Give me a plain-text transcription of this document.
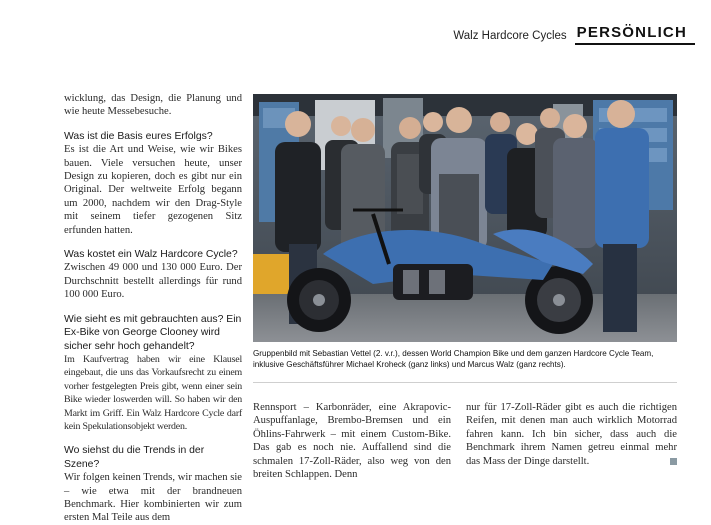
Walz Hardcore Cycles PERSÖNLICH

wicklung, das Design, die Planung und wie heute Messebesuche.

Was ist die Basis eures Erfolgs?

Es ist die Art und Weise, wie wir Bikes bauen. Viele versuchen heute, unser Design zu kopieren, doch es gibt nur ein Original. Der weltweite Erfolg begann um 2000, nachdem wir den Drag-Style mit seinem tiefer gezogenen Sitz erfunden hatten.

Was kostet ein Walz Hardcore Cycle?

Zwischen 49 000 und 130 000 Euro. Der Durchschnitt bestellt allerdings für rund 100 000 Euro.

Wie sieht es mit gebrauchten aus? Ein Ex-Bike von George Clooney wird sicher sehr hoch gehandelt?

Im Kaufvertrag haben wir eine Klausel eingebaut, die uns das Vorkaufsrecht zu einem vorher festgelegten Preis gibt, wenn einer sein Bike wieder loswerden will. So haben wir den Markt im Griff. Ein Walz Hardcore Cycle darf kein Spekulationsobjekt werden.

Wo siehst du die Trends in der Szene?

Wir folgen keinen Trends, wir machen sie – wie etwa mit der brandneuen Benchmark. Hier kombinierten wir zum ersten Mal Teile aus dem

Gruppenbild mit Sebastian Vettel (2. v.r.), dessen World Champion Bike und dem ganzen Hardcore Cycle Team, inklusive Geschäftsführer Michael Kroheck (ganz links) und Marcus Walz (ganz rechts).

Rennsport – Karbonräder, eine Akrapovic-Auspuffanlage, Brembo-Bremsen und ein Öhlins-Fahrwerk – mit einem Custom-Bike. Das gab es noch nie. Auffallend sind die schmalen 17-Zoll-Räder, also weg von den breiten Schlappen. Denn

nur für 17-Zoll-Räder gibt es auch die richtigen Reifen, mit denen man auch wirklich Motorrad fahren kann. Ich bin sicher, dass auch die Benchmark ihrem Namen getreu einmal mehr das Mass der Dinge darstellt.
